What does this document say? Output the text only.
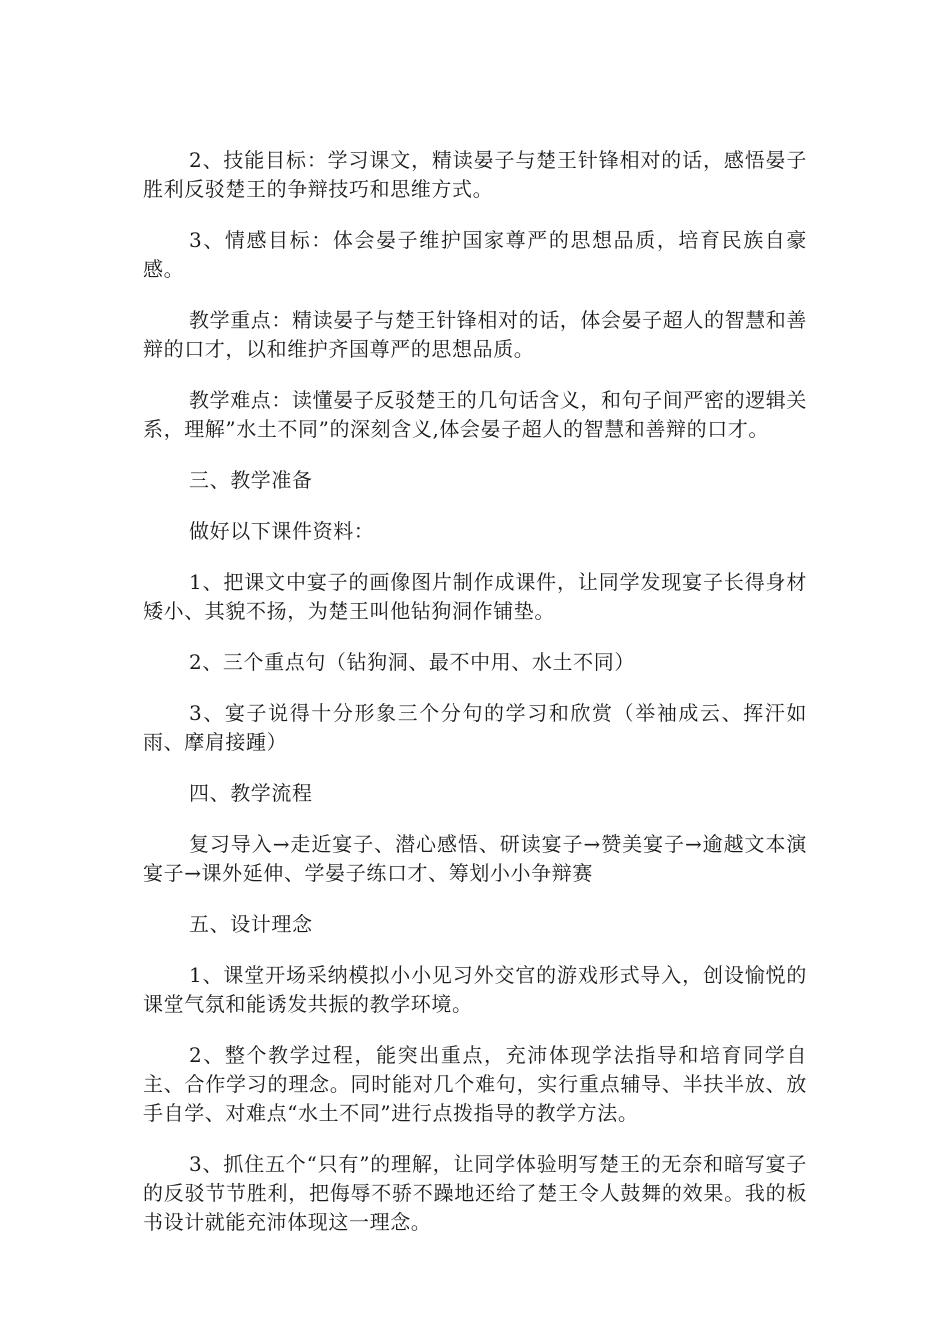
2、技能目标：学习课文，精读晏子与楚王针锋相对的话，感悟晏子胜利反驳楚王的争辩技巧和思维方式。

3、情感目标：体会晏子维护国家尊严的思想品质，培育民族自豪感。

教学重点：精读晏子与楚王针锋相对的话，体会晏子超人的智慧和善辩的口才，以和维护齐国尊严的思想品质。

教学难点：读懂晏子反驳楚王的几句话含义，和句子间严密的逻辑关系，理解”水土不同”的深刻含义,体会晏子超人的智慧和善辩的口才。

三、教学准备

做好以下课件资料：

1、把课文中宴子的画像图片制作成课件，让同学发现宴子长得身材矮小、其貌不扬，为楚王叫他钻狗洞作铺垫。

2、三个重点句（钻狗洞、最不中用、水土不同）

3、宴子说得十分形象三个分句的学习和欣赏（举袖成云、挥汗如雨、摩肩接踵）

四、教学流程

复习导入→走近宴子、潜心感悟、研读宴子→赞美宴子→逾越文本演宴子→课外延伸、学晏子练口才、筹划小小争辩赛

五、设计理念

1、课堂开场采纳模拟小小见习外交官的游戏形式导入，创设愉悦的课堂气氛和能诱发共振的教学环境。

2、整个教学过程，能突出重点，充沛体现学法指导和培育同学自主、合作学习的理念。同时能对几个难句，实行重点辅导、半扶半放、放手自学、对难点“水土不同”进行点拨指导的教学方法。

3、抓住五个“只有”的理解，让同学体验明写楚王的无奈和暗写宴子的反驳节节胜利，把侮辱不骄不躁地还给了楚王令人鼓舞的效果。我的板书设计就能充沛体现这一理念。
